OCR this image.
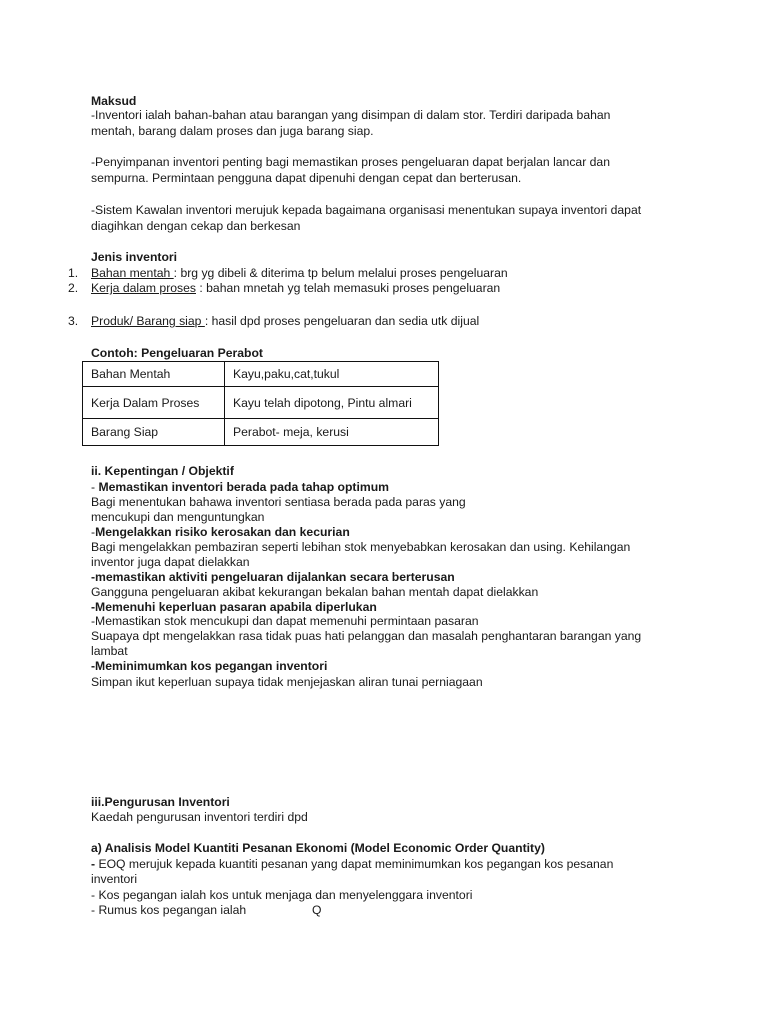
Maksud
-Inventori ialah bahan-bahan atau barangan yang disimpan di dalam stor. Terdiri daripada bahan
mentah, barang dalam proses dan juga barang siap.
-Penyimpanan inventori penting bagi memastikan proses pengeluaran dapat berjalan lancar dan
sempurna. Permintaan pengguna dapat dipenuhi dengan cepat dan berterusan.
-Sistem Kawalan inventori merujuk kepada bagaimana organisasi menentukan supaya inventori dapat
diagihkan dengan cekap dan berkesan
Jenis inventori
1. Bahan mentah : brg yg dibeli & diterima tp belum melalui proses pengeluaran
2. Kerja dalam proses : bahan mnetah yg telah memasuki proses pengeluaran
3. Produk/ Barang siap : hasil dpd proses pengeluaran dan sedia utk dijual
Contoh: Pengeluaran Perabot
Bahan Mentah	Kayu,paku,cat,tukul
Kerja Dalam Proses	Kayu telah dipotong, Pintu almari
Barang Siap	Perabot- meja, kerusi
ii. Kepentingan / Objektif
- Memastikan inventori berada pada tahap optimum
Bagi menentukan bahawa inventori sentiasa berada pada paras yang
mencukupi dan menguntungkan
-Mengelakkan risiko kerosakan dan kecurian
Bagi mengelakkan pembaziran seperti lebihan stok menyebabkan kerosakan dan using. Kehilangan
inventor juga dapat dielakkan
-memastikan aktiviti pengeluaran dijalankan secara berterusan
Gangguna pengeluaran akibat kekurangan bekalan bahan mentah dapat dielakkan
-Memenuhi keperluan pasaran apabila diperlukan
-Memastikan stok mencukupi dan dapat memenuhi permintaan pasaran
Suapaya dpt mengelakkan rasa tidak puas hati pelanggan dan masalah penghantaran barangan yang
lambat
-Meminimumkan kos pegangan inventori
Simpan ikut keperluan supaya tidak menjejaskan aliran tunai perniagaan
iii.Pengurusan Inventori
Kaedah pengurusan inventori terdiri dpd
a) Analisis Model Kuantiti Pesanan Ekonomi (Model Economic Order Quantity)
- EOQ merujuk kepada kuantiti pesanan yang dapat meminimumkan kos pegangan kos pesanan
inventori
- Kos pegangan ialah kos untuk menjaga dan menyelenggara inventori
- Rumus kos pegangan ialah	Q
